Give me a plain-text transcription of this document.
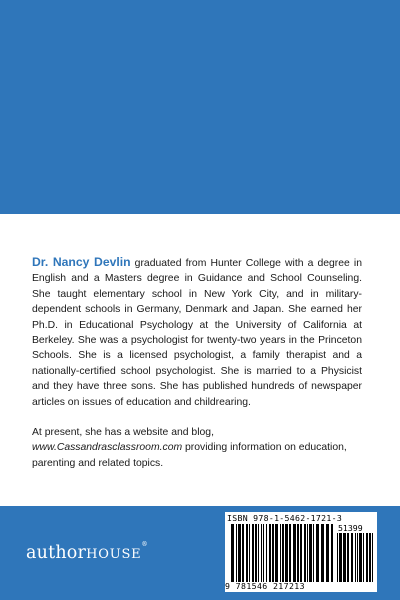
Dr. Nancy Devlin graduated from Hunter College with a degree in English and a Masters degree in Guidance and School Counseling. She taught elementary school in New York City, and in military-dependent schools in Germany, Denmark and Japan. She earned her Ph.D. in Educational Psychology at the University of California at Berkeley. She was a psychologist for twenty-two years in the Princeton Schools. She is a licensed psychologist, a family therapist and a nationally-certified school psychologist. She is married to a Physicist and they have three sons. She has published hundreds of newspaper articles on issues of education and childrearing.

At present, she has a website and blog, www.Cassandrasclassroom.com providing information on education, parenting and related topics.

authorHOUSE®
ISBN 978-1-5462-1721-3
51399
9 781546 217213
